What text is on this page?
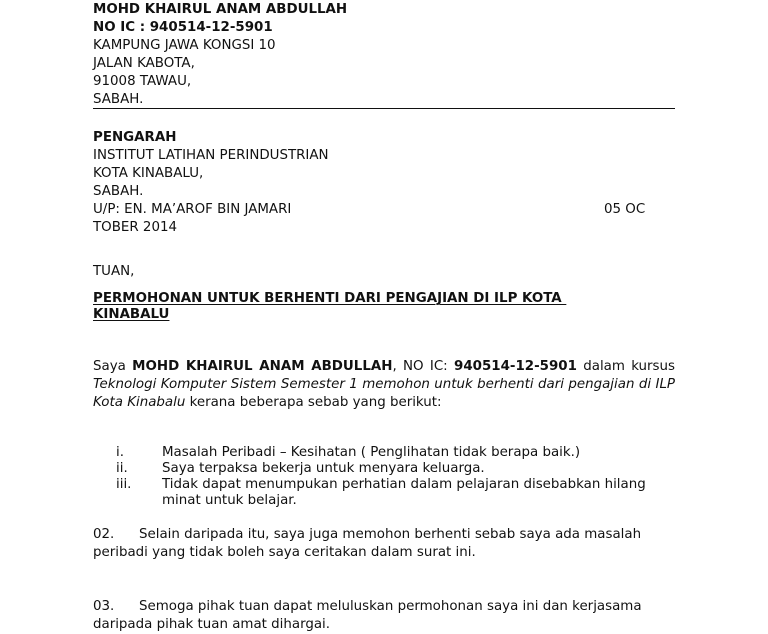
MOHD KHAIRUL ANAM ABDULLAH
NO IC : 940514-12-5901
KAMPUNG JAWA KONGSI 10
JALAN KABOTA,
91008 TAWAU,
SABAH.
PENGARAH
INSTITUT LATIHAN PERINDUSTRIAN
KOTA KINABALU,
SABAH.
U/P: EN. MA’AROF BIN JAMARI	05 OC
TOBER 2014
TUAN,
PERMOHONAN UNTUK BERHENTI DARI PENGAJIAN DI ILP KOTA
KINABALU
Saya MOHD KHAIRUL ANAM ABDULLAH, NO IC: 940514-12-5901 dalam kursus Teknologi Komputer Sistem Semester 1 memohon untuk berhenti dari pengajian di ILP Kota Kinabalu kerana beberapa sebab yang berikut:
i.	Masalah Peribadi – Kesihatan ( Penglihatan tidak berapa baik.)
ii.	Saya terpaksa bekerja untuk menyara keluarga.
iii. Tidak dapat menumpukan perhatian dalam pelajaran disebabkan hilang minat untuk belajar.
02. Selain daripada itu, saya juga memohon berhenti sebab saya ada masalah peribadi yang tidak boleh saya ceritakan dalam surat ini.
03. Semoga pihak tuan dapat meluluskan permohonan saya ini dan kerjasama daripada pihak tuan amat dihargai.
